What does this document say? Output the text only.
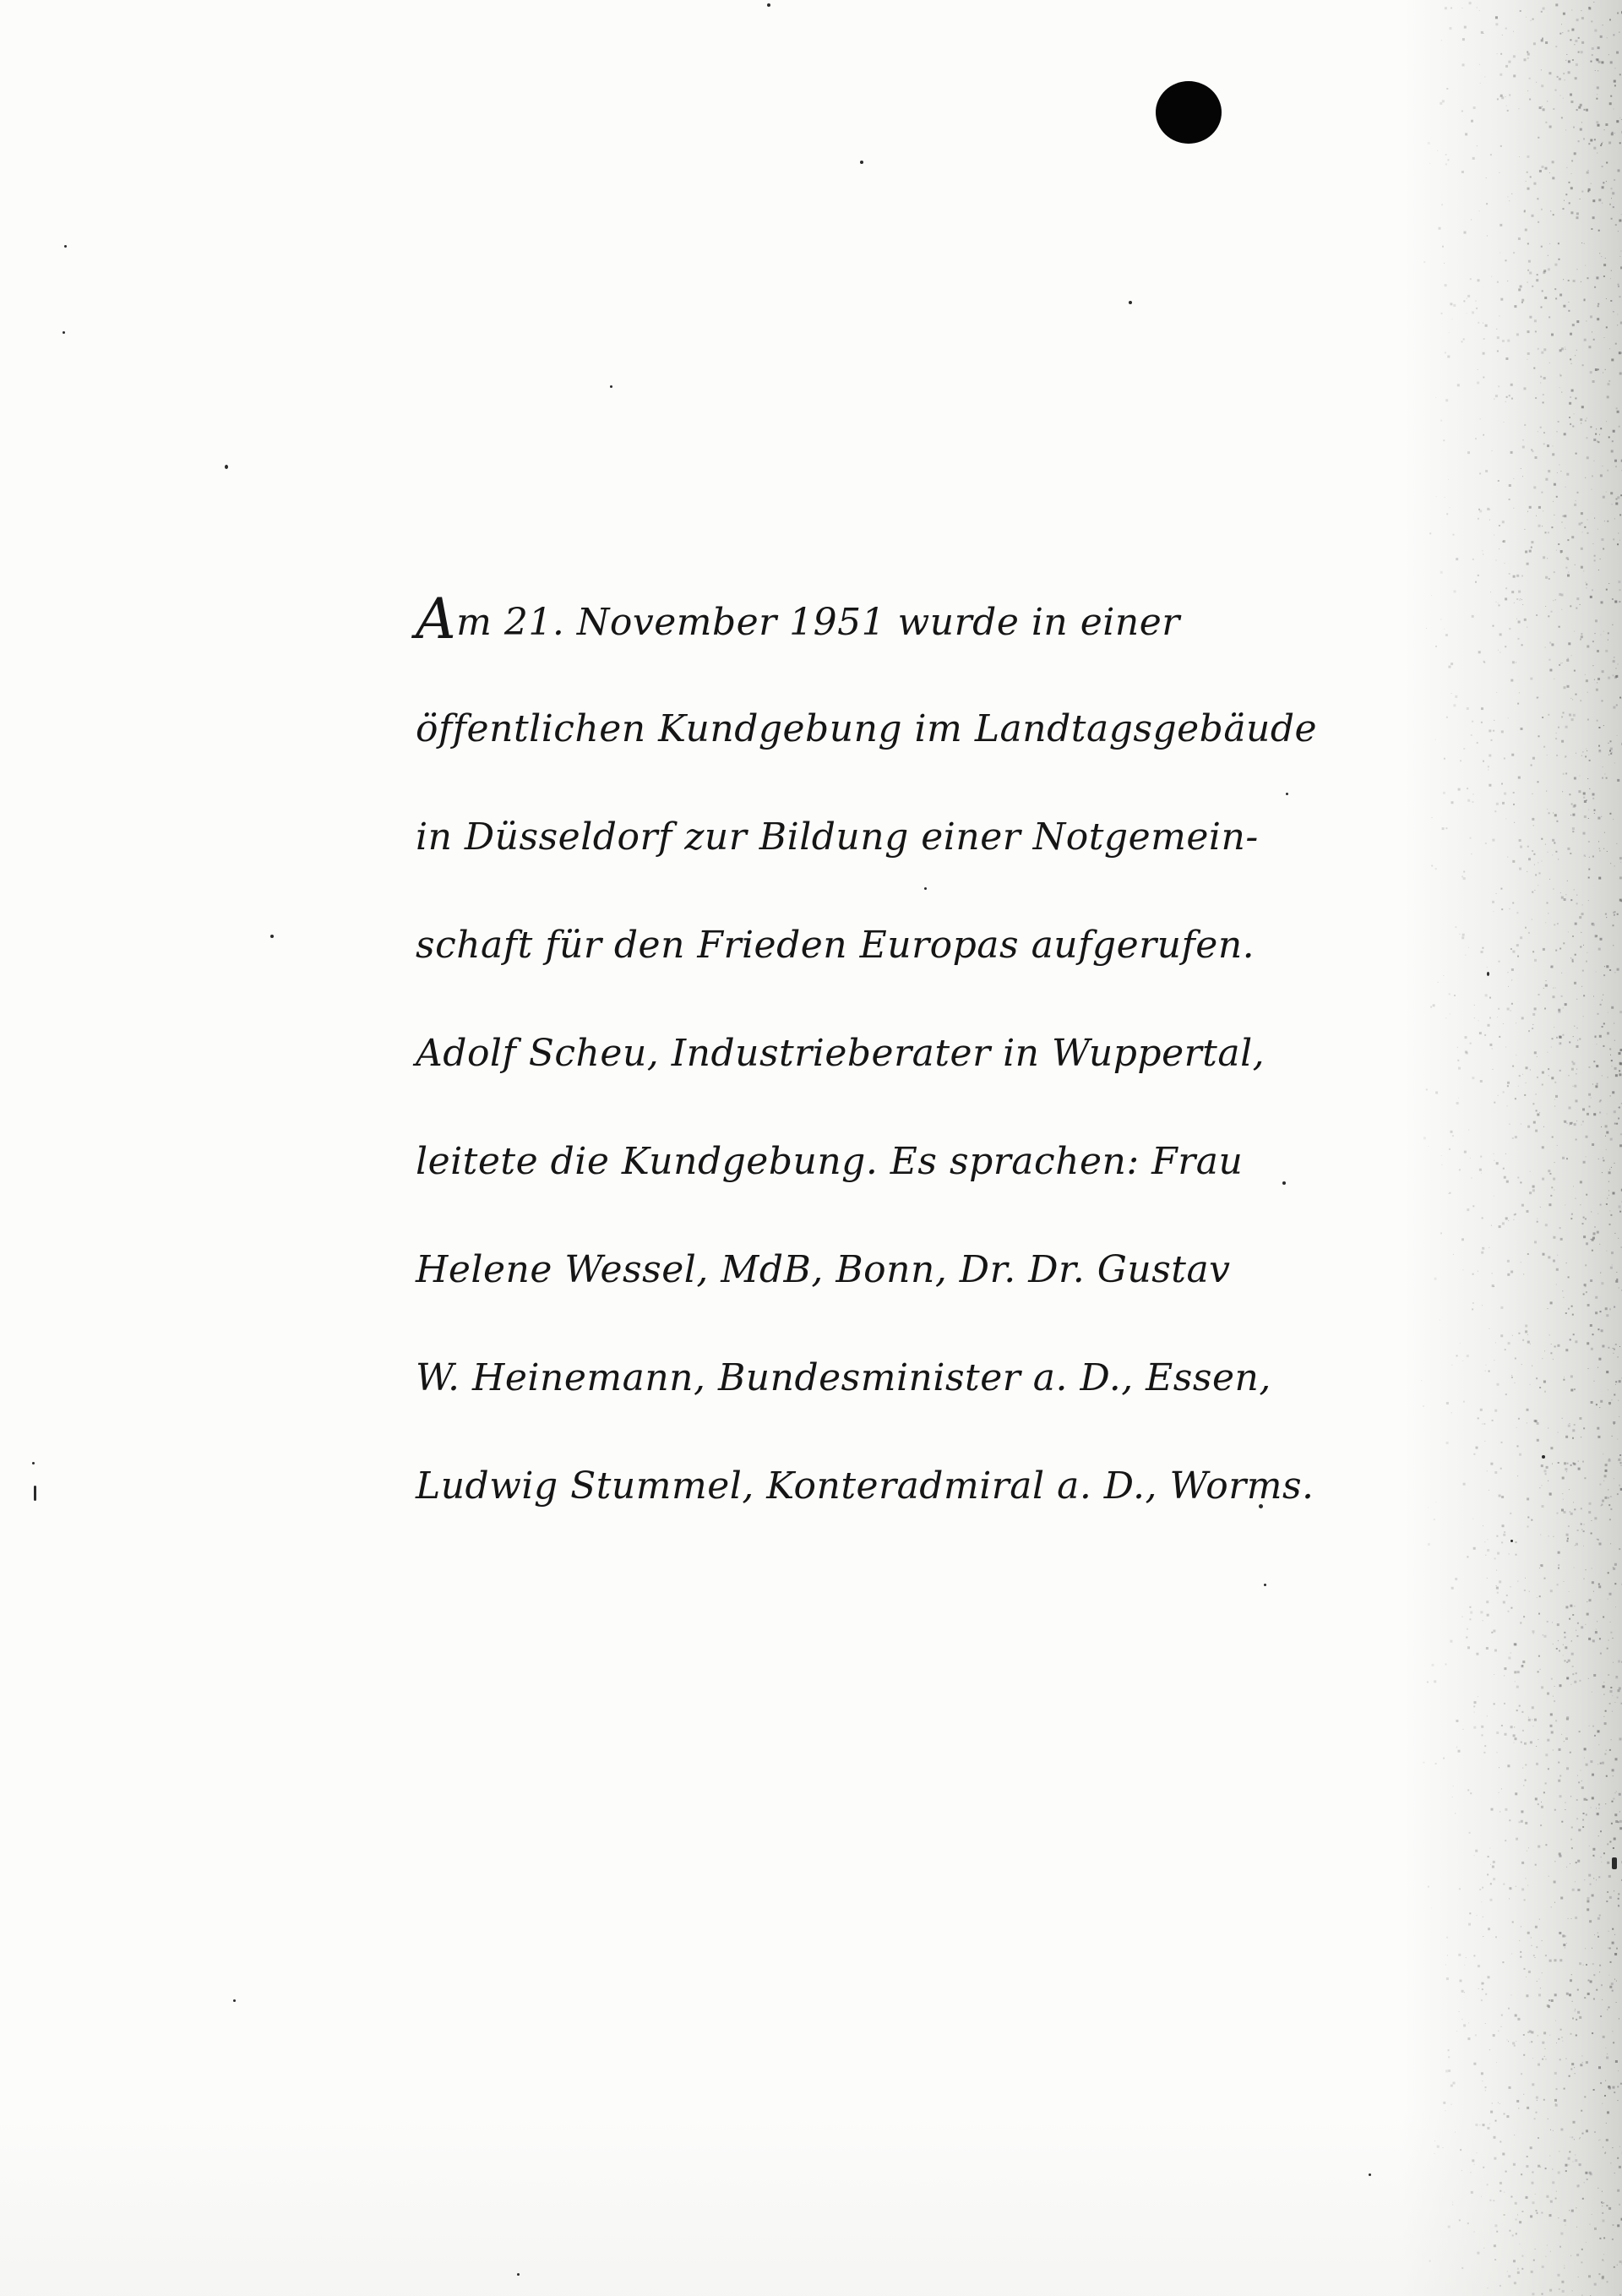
Am 21. November 1951 wurde in einer
öffentlichen Kundgebung im Landtagsgebäude
in Düsseldorf zur Bildung einer Notgemein-
schaft für den Frieden Europas aufgerufen.
Adolf Scheu, Industrieberater in Wuppertal,
leitete die Kundgebung. Es sprachen: Frau
Helene Wessel, MdB, Bonn, Dr. Dr. Gustav
W. Heinemann, Bundesminister a. D., Essen,
Ludwig Stummel, Konteradmiral a. D., Worms.
